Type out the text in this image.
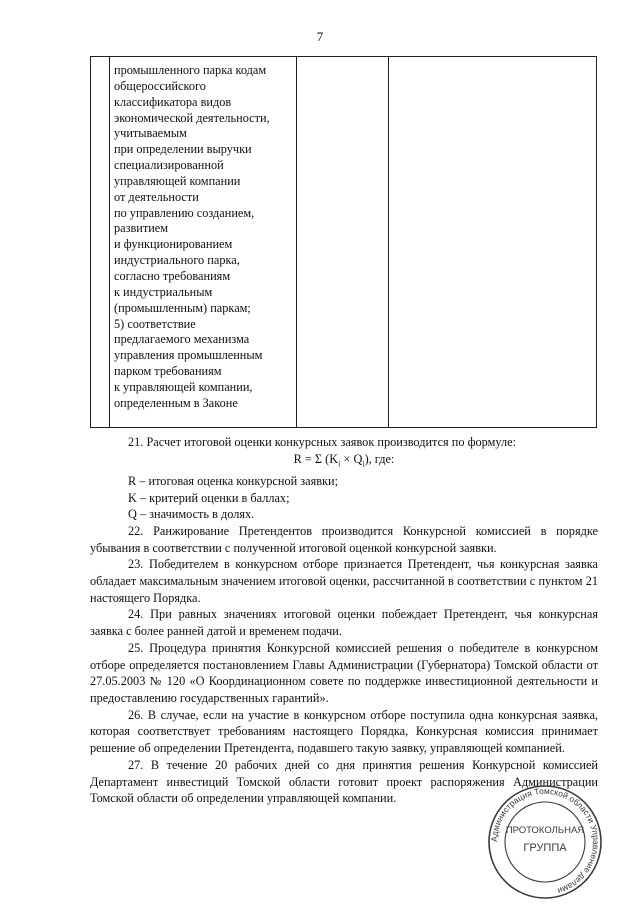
7

промышленного парка кодам
общероссийского
классификатора видов
экономической деятельности,
учитываемым
при определении выручки
специализированной
управляющей компании
от деятельности
по управлению созданием,
развитием
и функционированием
индустриального парка,
согласно требованиям
к индустриальным
(промышленным) паркам;
5) соответствие
предлагаемого механизма
управления промышленным
парком требованиям
к управляющей компании,
определенным в Законе

21. Расчет итоговой оценки конкурсных заявок производится по формуле:

R = Σ $(K_i \times Q_i)$, где:

R – итоговая оценка конкурсной заявки;

K – критерий оценки в баллах;

Q – значимость в долях.

22. Ранжирование Претендентов производится Конкурсной комиссией в порядке убывания в соответствии с полученной итоговой оценкой конкурсной заявки.

23. Победителем в конкурсном отборе признается Претендент, чья конкурсная заявка обладает максимальным значением итоговой оценки, рассчитанной в соответствии с пунктом 21 настоящего Порядка.

24. При равных значениях итоговой оценки побеждает Претендент, чья конкурсная заявка с более ранней датой и временем подачи.

25. Процедура принятия Конкурсной комиссией решения о победителе в конкурсном отборе определяется постановлением Главы Администрации (Губернатора) Томской области от 27.05.2003 № 120 «О Координационном совете по поддержке инвестиционной деятельности и предоставлению государственных гарантий».

26. В случае, если на участие в конкурсном отборе поступила одна конкурсная заявка, которая соответствует требованиям настоящего Порядка, Конкурсная комиссия принимает решение об определении Претендента, подавшего такую заявку, управляющей компанией.

27. В течение 20 рабочих дней со дня принятия решения Конкурсной комиссией Департамент инвестиций Томской области готовит проект распоряжения Администрации Томской области об определении управляющей компании.

Администрация Томской области Управление делами
ПРОТОКОЛЬНАЯ
ГРУППА
